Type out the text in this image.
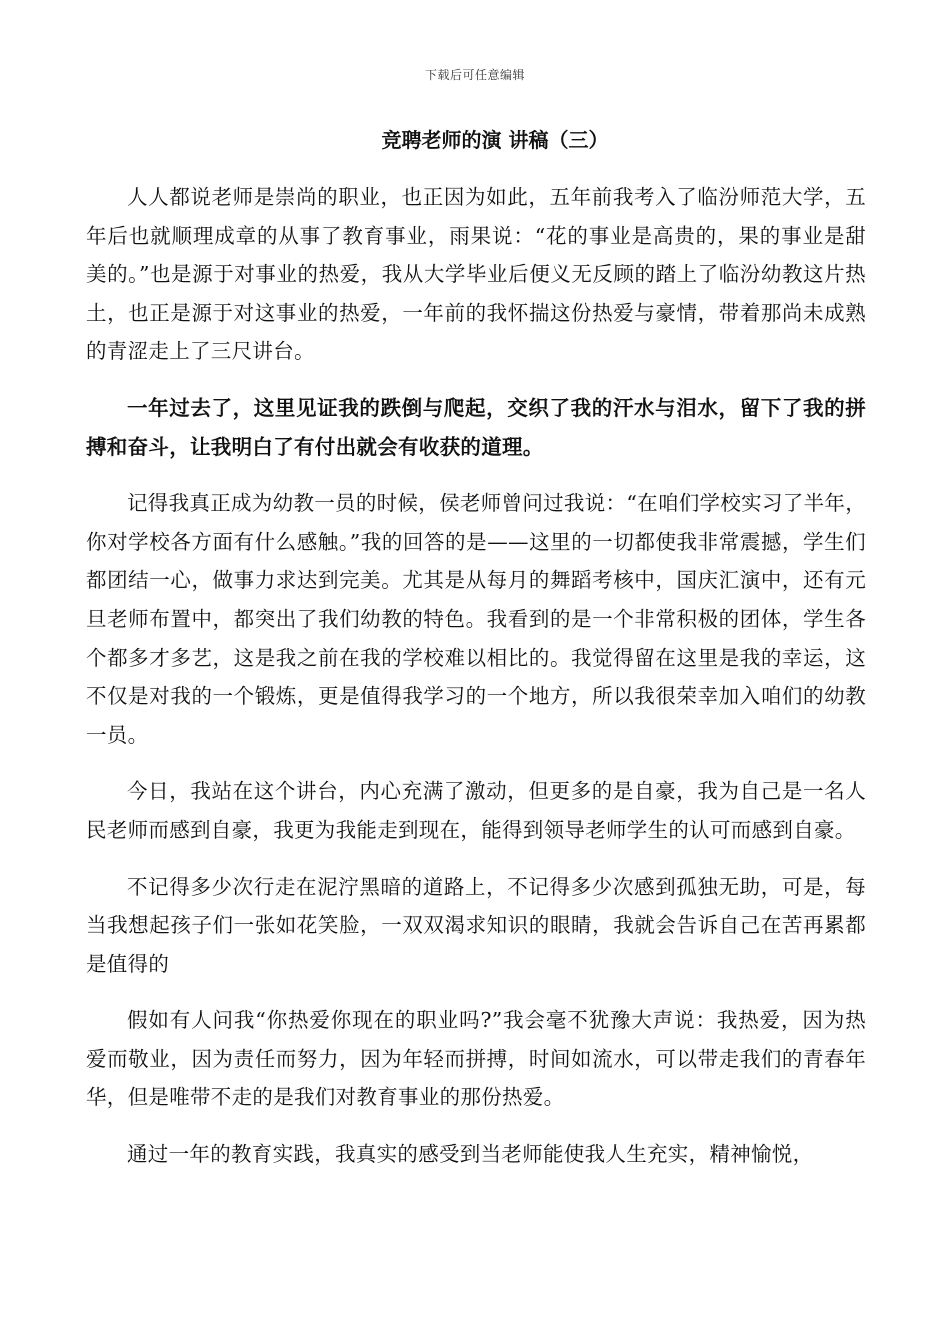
下载后可任意编辑
竞聘老师的演 讲稿（三）

人人都说老师是崇尚的职业，也正因为如此，五年前我考入了临汾师范大学，五年后也就顺理成章的从事了教育事业，雨果说：“花的事业是高贵的，果的事业是甜美的。”也是源于对事业的热爱，我从大学毕业后便义无反顾的踏上了临汾幼教这片热土，也正是源于对这事业的热爱，一年前的我怀揣这份热爱与豪情，带着那尚未成熟的青涩走上了三尺讲台。

一年过去了，这里见证我的跌倒与爬起，交织了我的汗水与泪水，留下了我的拼搏和奋斗，让我明白了有付出就会有收获的道理。

记得我真正成为幼教一员的时候，侯老师曾问过我说：“在咱们学校实习了半年，你对学校各方面有什么感触。”我的回答的是——这里的一切都使我非常震撼，学生们都团结一心，做事力求达到完美。尤其是从每月的舞蹈考核中，国庆汇演中，还有元旦老师布置中，都突出了我们幼教的特色。我看到的是一个非常积极的团体，学生各个都多才多艺，这是我之前在我的学校难以相比的。我觉得留在这里是我的幸运，这不仅是对我的一个锻炼，更是值得我学习的一个地方，所以我很荣幸加入咱们的幼教一员。

今日，我站在这个讲台，内心充满了激动，但更多的是自豪，我为自己是一名人民老师而感到自豪，我更为我能走到现在，能得到领导老师学生的认可而感到自豪。

不记得多少次行走在泥泞黑暗的道路上，不记得多少次感到孤独无助，可是，每当我想起孩子们一张如花笑脸，一双双渴求知识的眼睛，我就会告诉自己在苦再累都是值得的

假如有人问我“你热爱你现在的职业吗?”我会毫不犹豫大声说：我热爱，因为热爱而敬业，因为责任而努力，因为年轻而拼搏，时间如流水，可以带走我们的青春年华，但是唯带不走的是我们对教育事业的那份热爱。

通过一年的教育实践，我真实的感受到当老师能使我人生充实，精神愉悦，
